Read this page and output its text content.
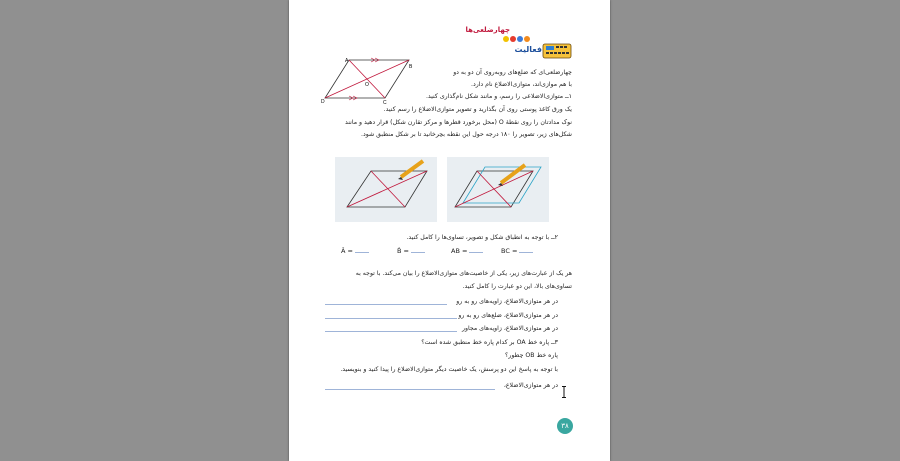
چهارضلعی‌ها
فعالیت
A
B
C
D
O
چهارضلعی‌ای که ضلع‌های روبه‌روی آن دو به دو
با هم موازی‌اند، متوازی‌الاضلاع نام دارد.
۱ــ متوازی‌الاضلاعی را رسم، و مانند شکل نام‌گذاری کنید.
یک ورق کاغذ پوستی روی آن بگذارید و تصویر متوازی‌الاضلاع را رسم کنید.
نوک مدادتان را روی نقطهٔ O (محل برخورد قطرها و مرکز تقارن شکل) قرار دهید و مانند
شکل‌های زیر، تصویر را ۱۸۰ درجه حول این نقطه بچرخانید تا بر شکل منطبق شود.
۲ــ با توجه به انطباق شکل و تصویر، تساوی‌ها را کامل کنید.
Â =	B̂ =	AB =	BC =
هر یک از عبارت‌های زیر، یکی از خاصیت‌های متوازی‌الاضلاع را بیان می‌کند. با توجه به
تساوی‌های بالا، این دو عبارت را کامل کنید.
در هر متوازی‌الاضلاع، زاویه‌های رو به رو
در هر متوازی‌الاضلاع، ضلع‌های رو به رو
در هر متوازی‌الاضلاع، زاویه‌های مجاور
۳ــ پاره خط OA بر کدام پاره خط منطبق شده است؟
پاره خط OB چطور؟
با توجه به پاسخ این دو پرسش، یک خاصیت دیگر متوازی‌الاضلاع را پیدا کنید و بنویسید.
در هر متوازی‌الاضلاع،
۳۸
